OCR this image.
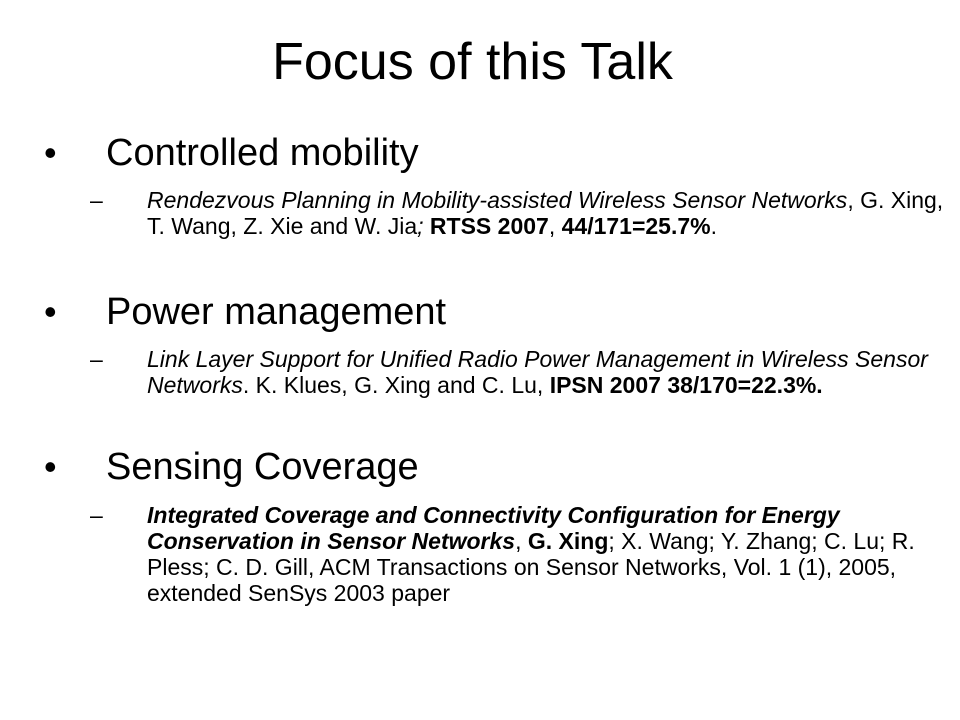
Focus of this Talk
• Controlled mobility
– Rendezvous Planning in Mobility-assisted Wireless Sensor Networks, G. Xing, T. Wang, Z. Xie and W. Jia; RTSS 2007, 44/171=25.7%.
• Power management
– Link Layer Support for Unified Radio Power Management in Wireless Sensor Networks. K. Klues, G. Xing and C. Lu, IPSN 2007 38/170=22.3%.
• Sensing Coverage
– Integrated Coverage and Connectivity Configuration for Energy Conservation in Sensor Networks, G. Xing; X. Wang; Y. Zhang; C. Lu; R. Pless; C. D. Gill, ACM Transactions on Sensor Networks, Vol. 1 (1), 2005, extended SenSys 2003 paper
